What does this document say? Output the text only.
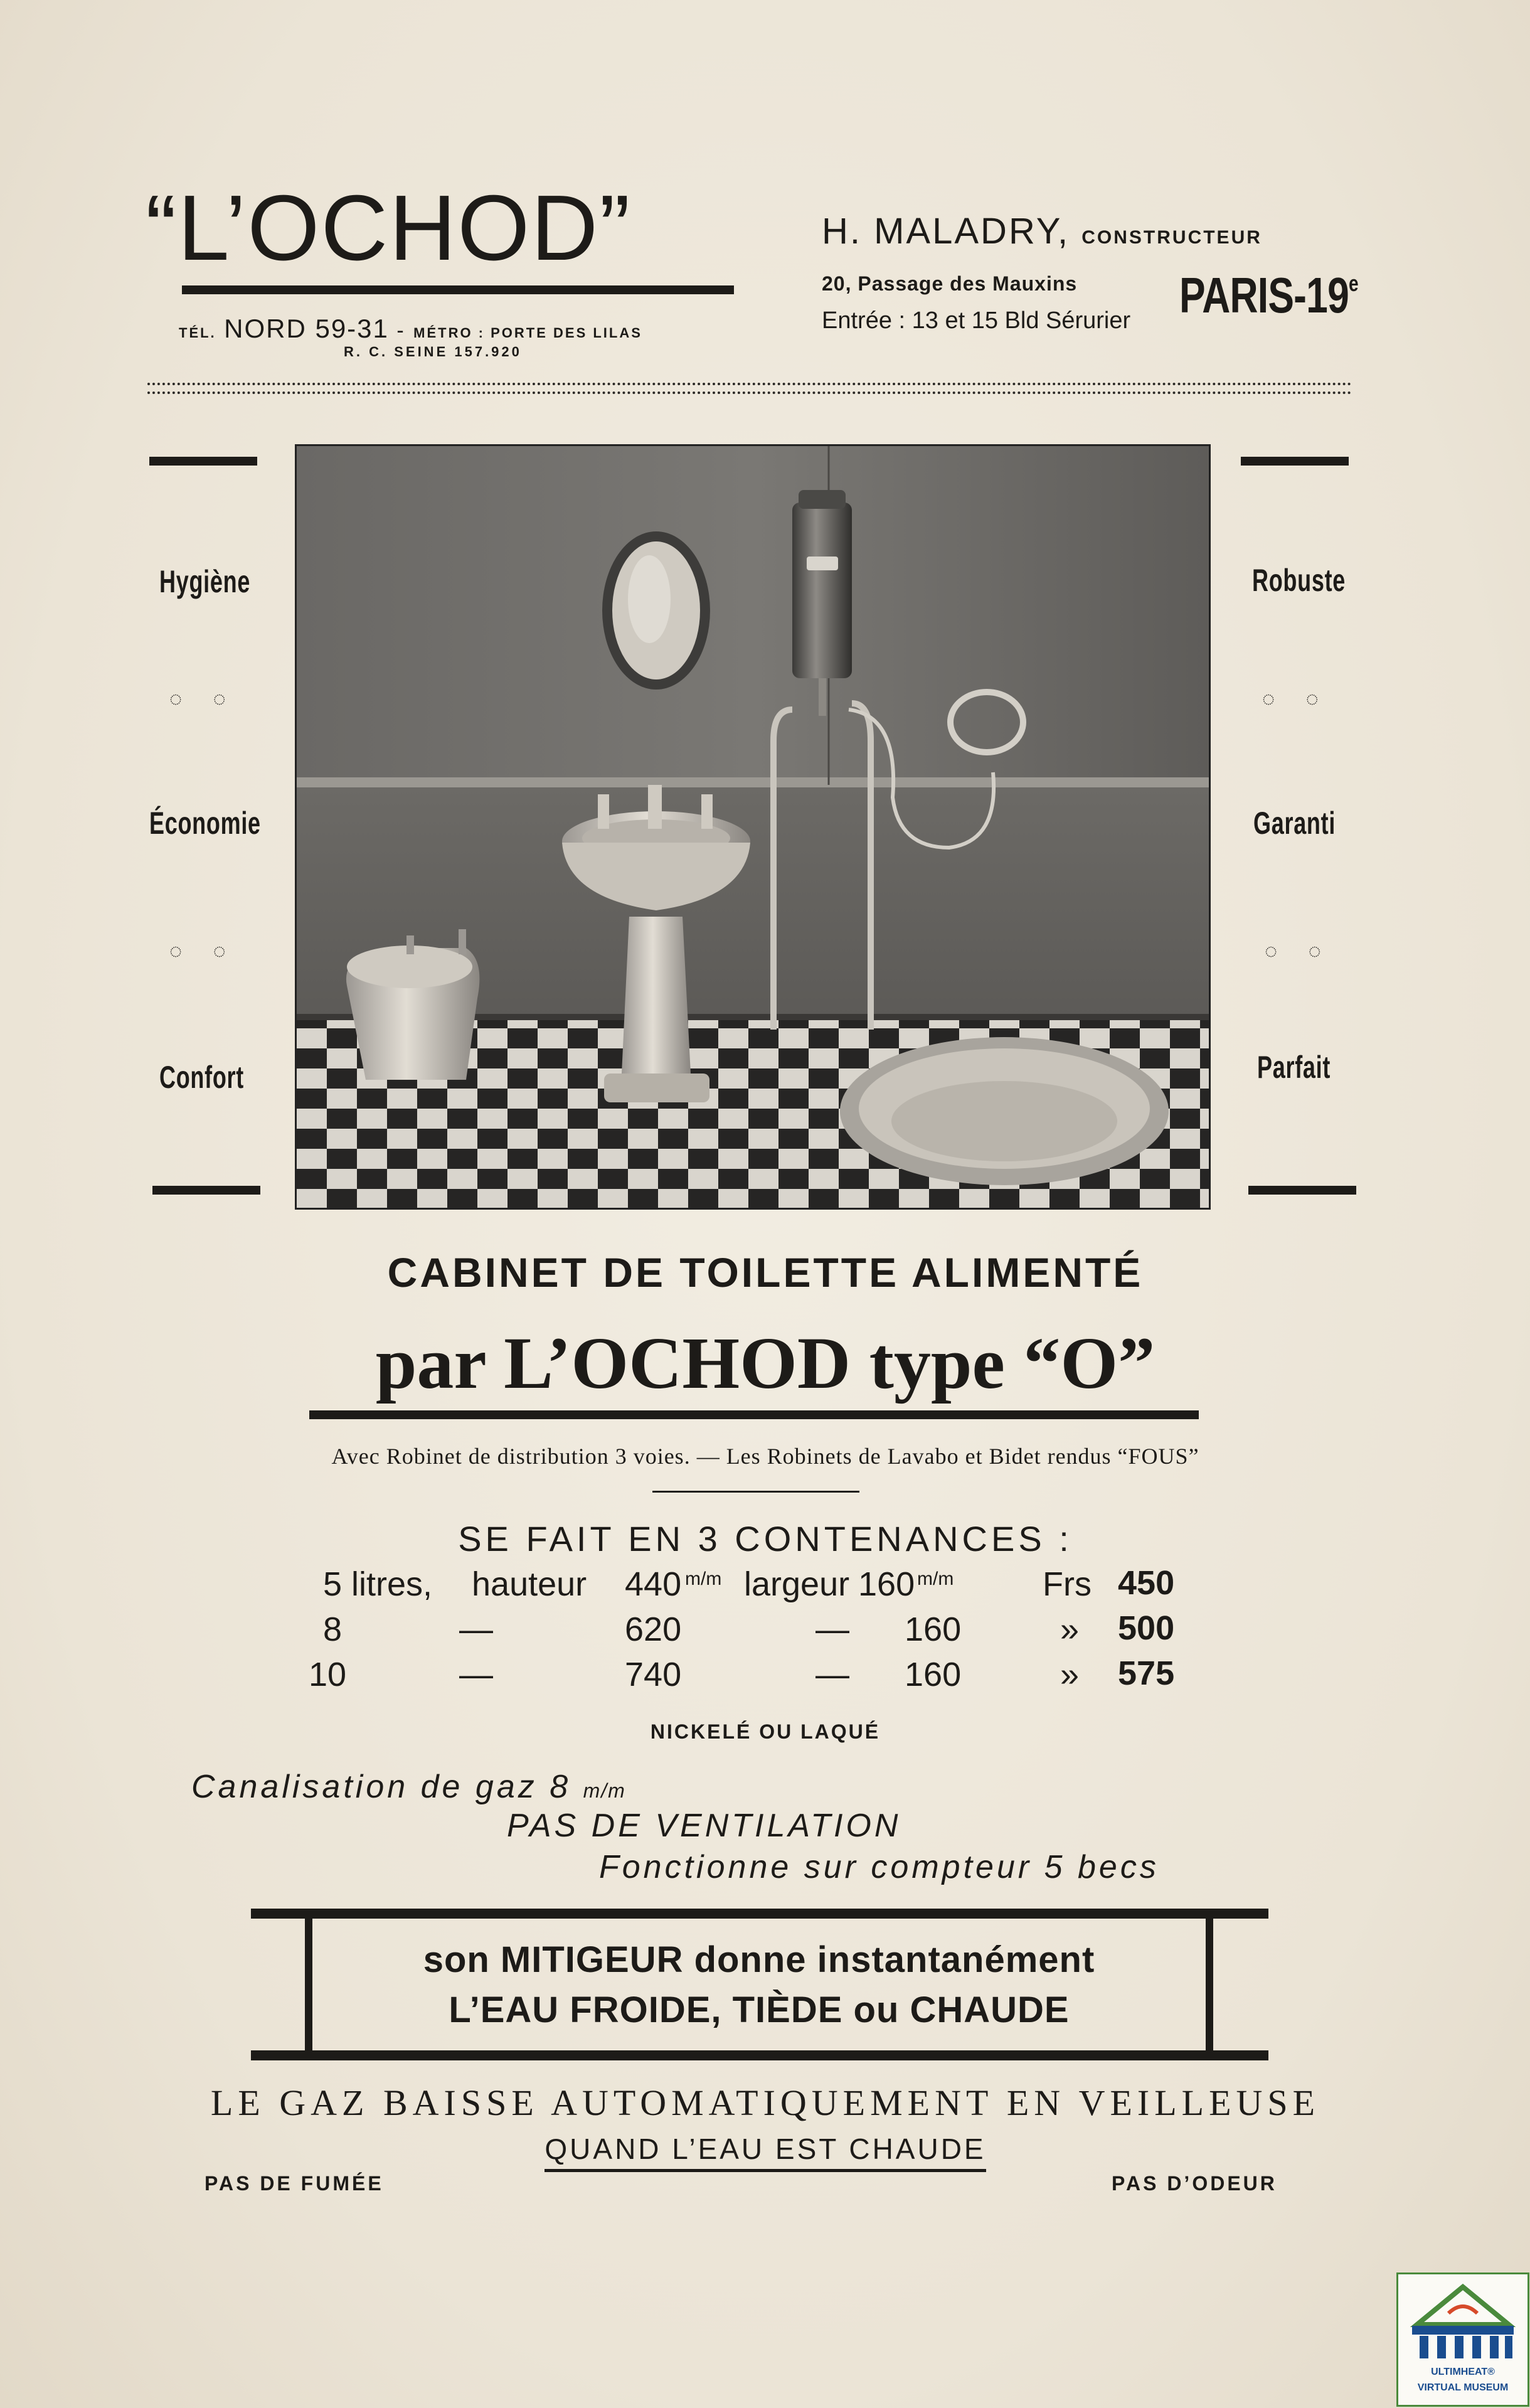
“L’OCHOD”
TÉL. NORD 59-31 - MÉTRO : PORTE DES LILAS
R. C. SEINE 157.920
H. MALADRY, CONSTRUCTEUR
20, Passage des Mauxins
Entrée : 13 et 15 Bld Sérurier PARIS-19e
Hygiène
◌ ◌
Économie
◌ ◌
Confort
Robuste
◌ ◌
Garanti
◌ ◌
Parfait
CABINET DE TOILETTE ALIMENTÉ
par L’OCHOD type “O”
Avec Robinet de distribution 3 voies. — Les Robinets de Lavabo et Bidet rendus “FOUS”
SE FAIT EN 3 CONTENANCES :
5 litres, hauteur 440 m/m largeur 160 m/m	Frs 450
8	—	620	— 160	» 500
10	—	740	— 160	» 575
NICKELÉ OU LAQUÉ
Canalisation de gaz 8 m/m
PAS DE VENTILATION
Fonctionne sur compteur 5 becs
son MITIGEUR donne instantanément
L’EAU FROIDE, TIÈDE ou CHAUDE
LE GAZ BAISSE AUTOMATIQUEMENT EN VEILLEUSE
QUAND L’EAU EST CHAUDE
PAS DE FUMÉE	PAS D’ODEUR
ULTIMHEAT®
VIRTUAL MUSEUM
